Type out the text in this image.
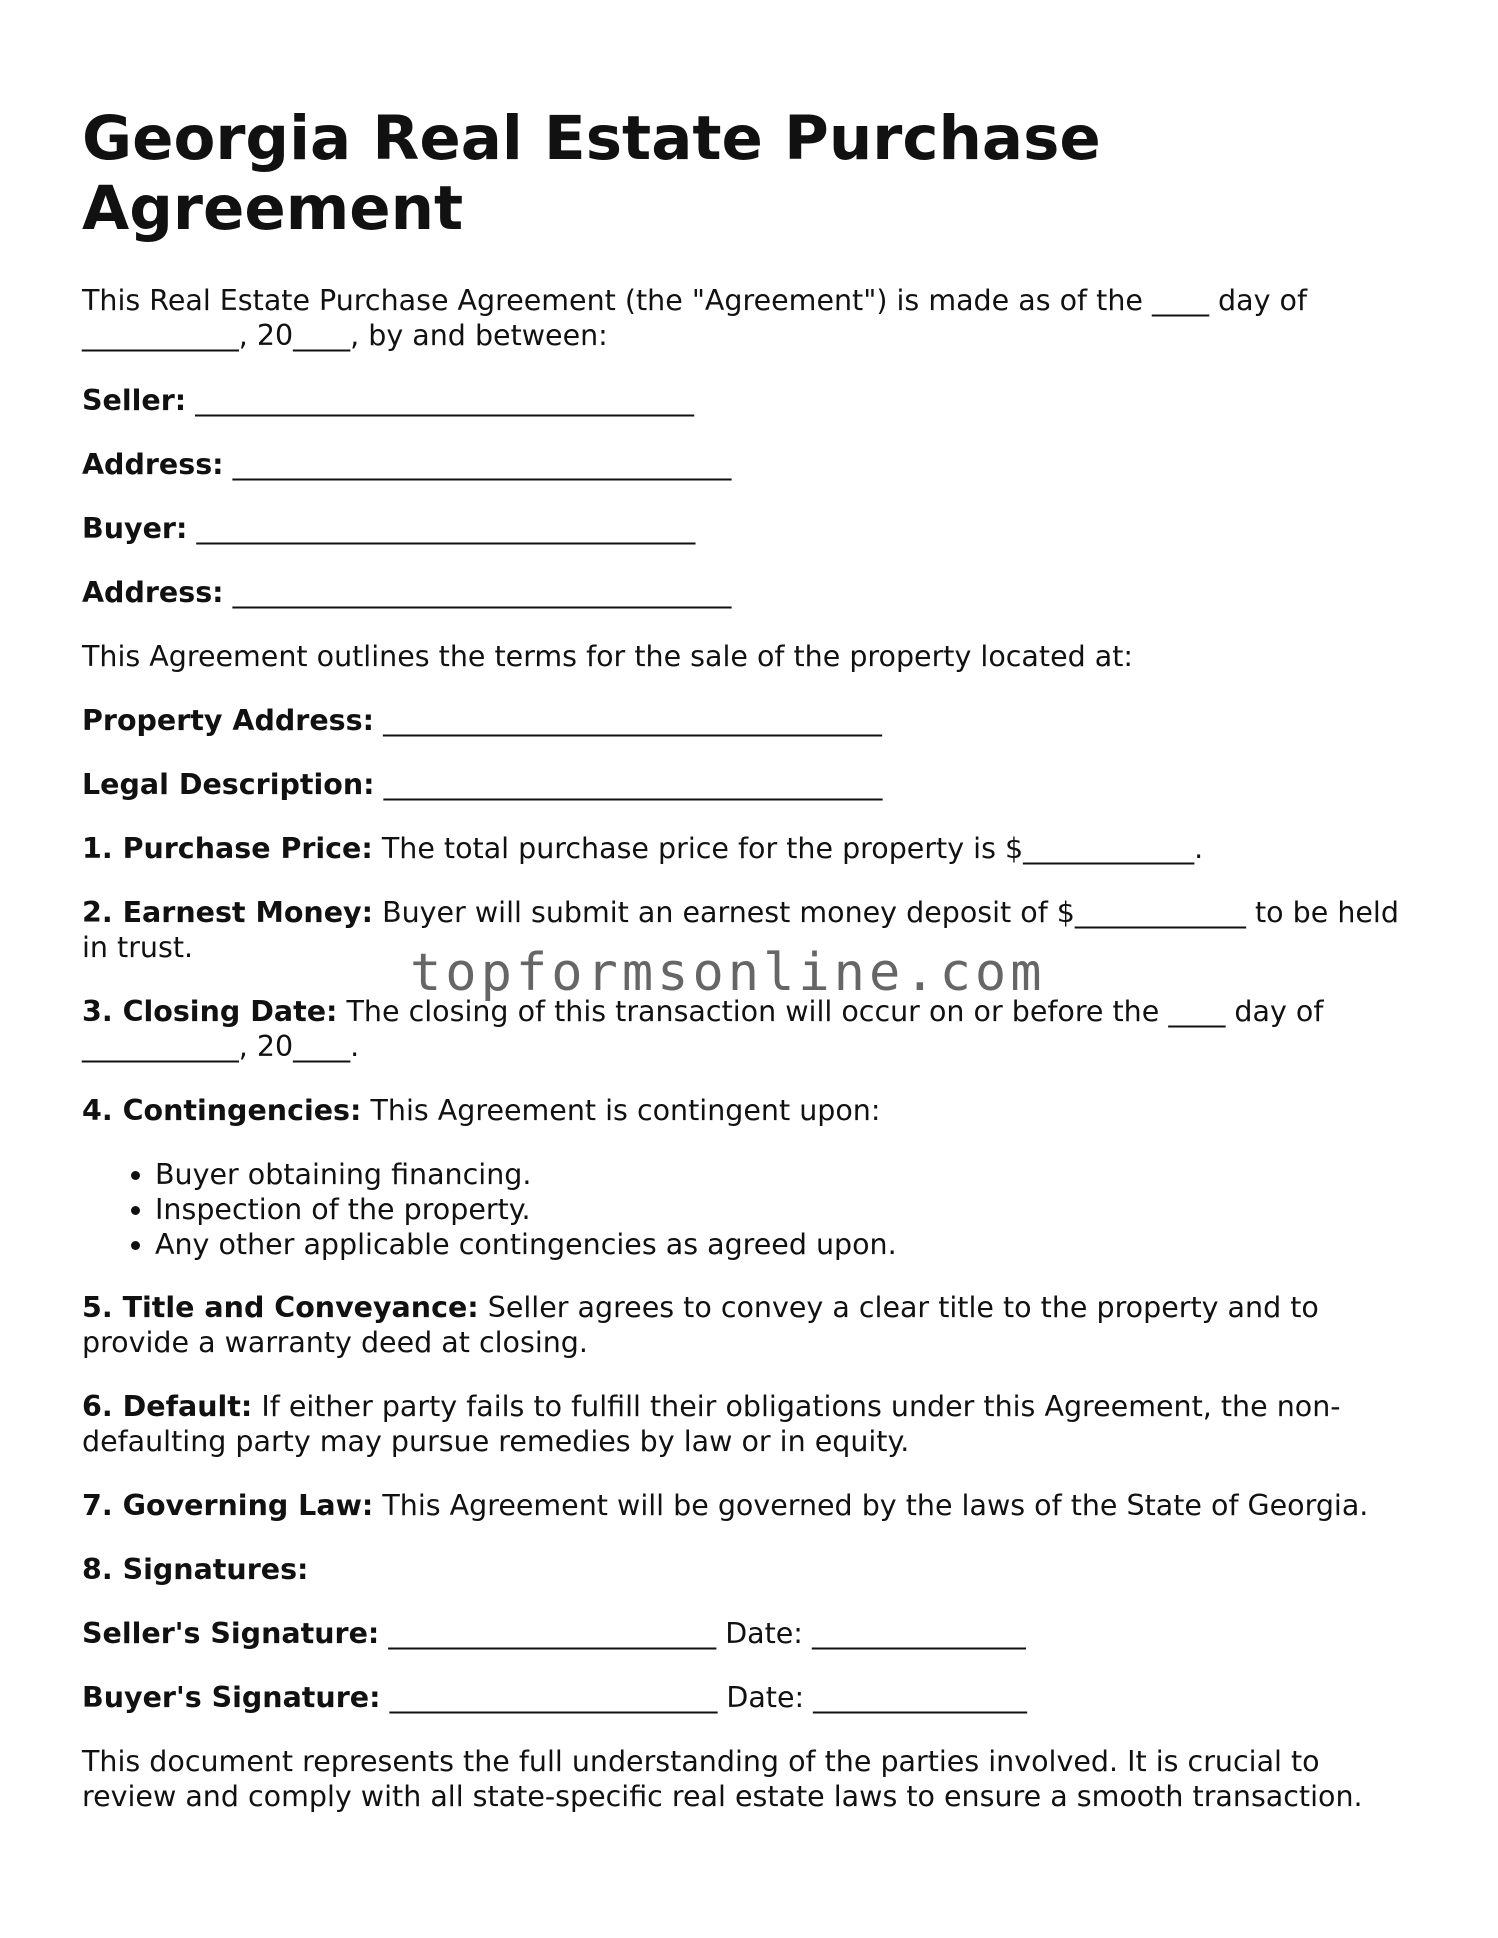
Georgia Real Estate Purchase Agreement
This Real Estate Purchase Agreement (the "Agreement") is made as of the ____ day of ___________, 20____, by and between:
Seller: ___________________________________
Address: ___________________________________
Buyer: ___________________________________
Address: ___________________________________
This Agreement outlines the terms for the sale of the property located at:
Property Address: ___________________________________
Legal Description: ___________________________________
1. Purchase Price: The total purchase price for the property is $____________.
2. Earnest Money: Buyer will submit an earnest money deposit of $____________ to be held in trust.
3. Closing Date: The closing of this transaction will occur on or before the ____ day of ___________, 20____.
4. Contingencies: This Agreement is contingent upon:
• Buyer obtaining financing.
• Inspection of the property.
• Any other applicable contingencies as agreed upon.
5. Title and Conveyance: Seller agrees to convey a clear title to the property and to provide a warranty deed at closing.
6. Default: If either party fails to fulfill their obligations under this Agreement, the non-defaulting party may pursue remedies by law or in equity.
7. Governing Law: This Agreement will be governed by the laws of the State of Georgia.
8. Signatures:
Seller's Signature: _______________________ Date: _______________
Buyer's Signature: _______________________ Date: _______________
This document represents the full understanding of the parties involved. It is crucial to review and comply with all state-specific real estate laws to ensure a smooth transaction.
topformsonline.com
